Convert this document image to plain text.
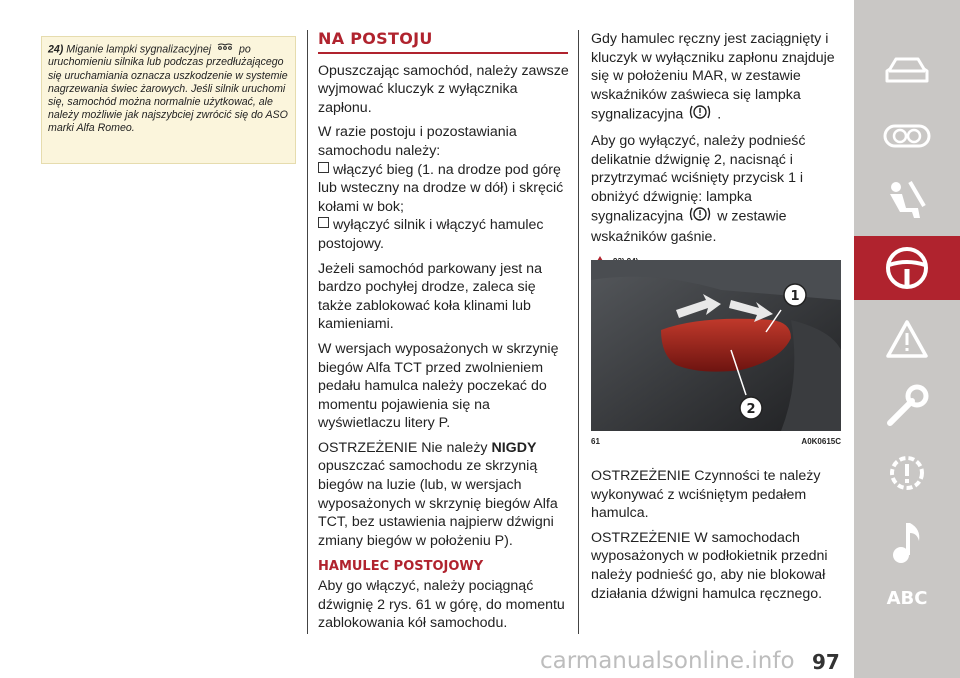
24) Miganie lampki sygnalizacyjnej	po uruchomieniu silnika lub podczas przedłużającego się uruchamiania oznacza uszkodzenie w systemie nagrzewania świec żarowych. Jeśli silnik uruchomi się, samochód można normalnie użytkować, ale należy możliwie jak najszybciej zwrócić się do ASO marki Alfa Romeo.
NA POSTOJU

Opuszczając samochód, należy zawsze wyjmować kluczyk z wyłącznika zapłonu.

W razie postoju i pozostawiania samochodu należy:

włączyć bieg (1. na drodze pod górę lub wsteczny na drodze w dół) i skręcić kołami w bok;
wyłączyć silnik i włączyć hamulec postojowy.

Jeżeli samochód parkowany jest na bardzo pochyłej drodze, zaleca się także zablokować koła klinami lub kamieniami.

W wersjach wyposażonych w skrzynię biegów Alfa TCT przed zwolnieniem pedału hamulca należy poczekać do momentu pojawienia się na wyświetlaczu litery P.

OSTRZEŻENIE Nie należy NIGDY
opuszczać samochodu ze skrzynią biegów na luzie (lub, w wersjach wyposażonych w skrzynię biegów Alfa TCT, bez ustawienia najpierw dźwigni zmiany biegów w położeniu P).

HAMULEC POSTOJOWY

Aby go włączyć, należy pociągnąć dźwignię 2 rys. 61 w górę, do momentu zablokowania kół samochodu.

Gdy hamulec ręczny jest zaciągnięty i kluczyk w wyłączniku zapłonu znajduje się w położeniu MAR, w zestawie wskaźników zaświeca się lampka sygnalizacyjna .

Aby go wyłączyć, należy podnieść delikatnie dźwignię 2, nacisnąć i przytrzymać wciśnięty przycisk 1 i obniżyć dźwignię: lampka sygnalizacyjna w zestawie wskaźników gaśnie.

1
2
61	A0K0615C

OSTRZEŻENIE Czynności te należy wykonywać z wciśniętym pedałem hamulca.

OSTRZEŻENIE W samochodach wyposażonych w podłokietnik przedni należy podnieść go, aby nie blokował działania dźwigni hamulca ręcznego.	ABC
carmanualsonline.info 97
